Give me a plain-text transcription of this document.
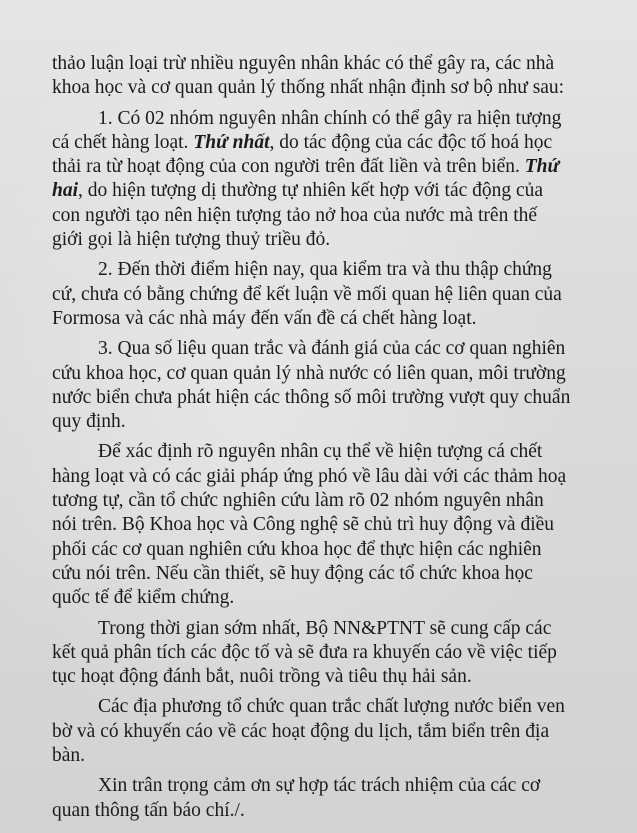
thảo luận loại trừ nhiều nguyên nhân khác có thể gây ra, các nhà
khoa học và cơ quan quản lý thống nhất nhận định sơ bộ như sau:

1. Có 02 nhóm nguyên nhân chính có thể gây ra hiện tượng
cá chết hàng loạt. Thứ nhất, do tác động của các độc tố hoá học
thải ra từ hoạt động của con người trên đất liền và trên biển. Thứ
hai, do hiện tượng dị thường tự nhiên kết hợp với tác động của
con người tạo nên hiện tượng tảo nở hoa của nước mà trên thế
giới gọi là hiện tượng thuỷ triều đỏ.

2. Đến thời điểm hiện nay, qua kiểm tra và thu thập chứng
cứ, chưa có bằng chứng để kết luận về mối quan hệ liên quan của
Formosa và các nhà máy đến vấn đề cá chết hàng loạt.

3. Qua số liệu quan trắc và đánh giá của các cơ quan nghiên
cứu khoa học, cơ quan quản lý nhà nước có liên quan, môi trường
nước biển chưa phát hiện các thông số môi trường vượt quy chuẩn
quy định.

Để xác định rõ nguyên nhân cụ thể về hiện tượng cá chết
hàng loạt và có các giải pháp ứng phó về lâu dài với các thảm hoạ
tương tự, cần tổ chức nghiên cứu làm rõ 02 nhóm nguyên nhân
nói trên. Bộ Khoa học và Công nghệ sẽ chủ trì huy động và điều
phối các cơ quan nghiên cứu khoa học để thực hiện các nghiên
cứu nói trên. Nếu cần thiết, sẽ huy động các tổ chức khoa học
quốc tế để kiểm chứng.

Trong thời gian sớm nhất, Bộ NN&PTNT sẽ cung cấp các
kết quả phân tích các độc tố và sẽ đưa ra khuyến cáo về việc tiếp
tục hoạt động đánh bắt, nuôi trồng và tiêu thụ hải sản.

Các địa phương tổ chức quan trắc chất lượng nước biển ven
bờ và có khuyến cáo về các hoạt động du lịch, tắm biển trên địa
bàn.

Xin trân trọng cảm ơn sự hợp tác trách nhiệm của các cơ
quan thông tấn báo chí./.
